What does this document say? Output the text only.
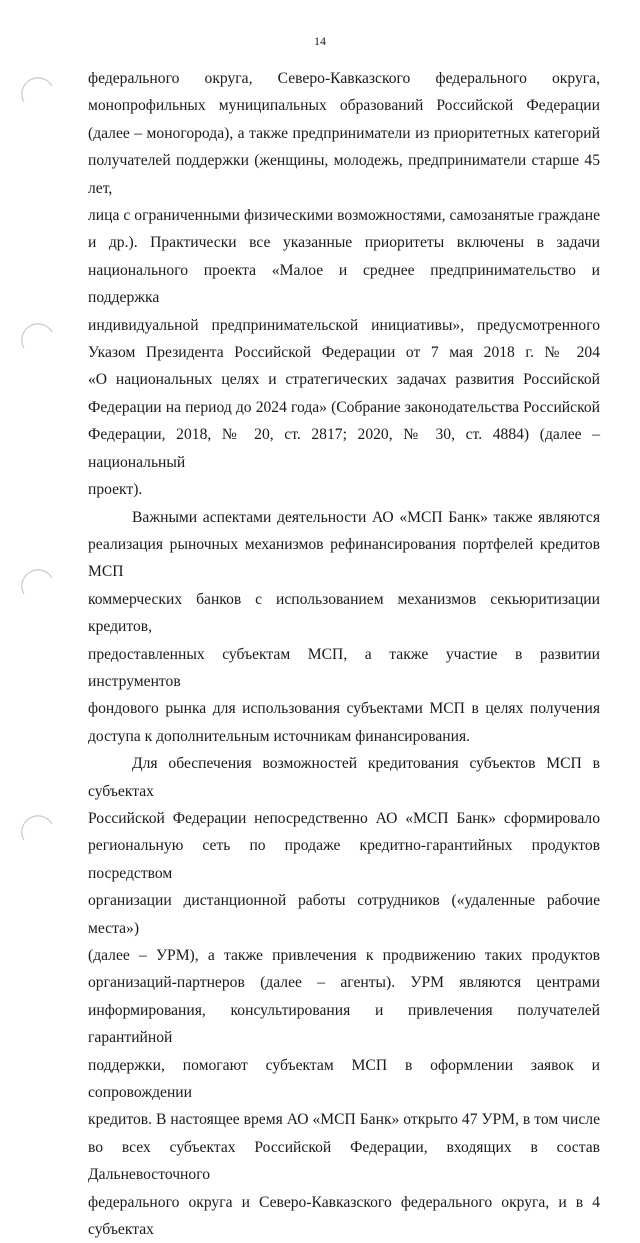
14

федерального округа, Северо-Кавказского федерального округа,

монопрофильных муниципальных образований Российской Федерации

(далее – моногорода), а также предприниматели из приоритетных категорий

получателей поддержки (женщины, молодежь, предприниматели старше 45 лет,

лица с ограниченными физическими возможностями, самозанятые граждане

и др.). Практически все указанные приоритеты включены в задачи

национального проекта «Малое и среднее предпринимательство и поддержка

индивидуальной предпринимательской инициативы», предусмотренного

Указом Президента Российской Федерации от 7 мая 2018 г. № 204

«О национальных целях и стратегических задачах развития Российской

Федерации на период до 2024 года» (Собрание законодательства Российской

Федерации, 2018, № 20, ст. 2817; 2020, № 30, ст. 4884) (далее – национальный

проект).

Важными аспектами деятельности АО «МСП Банк» также являются

реализация рыночных механизмов рефинансирования портфелей кредитов МСП

коммерческих банков с использованием механизмов секьюритизации кредитов,

предоставленных субъектам МСП, а также участие в развитии инструментов

фондового рынка для использования субъектами МСП в целях получения

доступа к дополнительным источникам финансирования.

Для обеспечения возможностей кредитования субъектов МСП в субъектах

Российской Федерации непосредственно АО «МСП Банк» сформировало

региональную сеть по продаже кредитно-гарантийных продуктов посредством

организации дистанционной работы сотрудников («удаленные рабочие места»)

(далее – УРМ), а также привлечения к продвижению таких продуктов

организаций-партнеров (далее – агенты). УРМ являются центрами

информирования, консультирования и привлечения получателей гарантийной

поддержки, помогают субъектам МСП в оформлении заявок и сопровождении

кредитов. В настоящее время АО «МСП Банк» открыто 47 УРМ, в том числе

во всех субъектах Российской Федерации, входящих в состав Дальневосточного

федерального округа и Северо-Кавказского федерального округа, и в 4 субъектах
